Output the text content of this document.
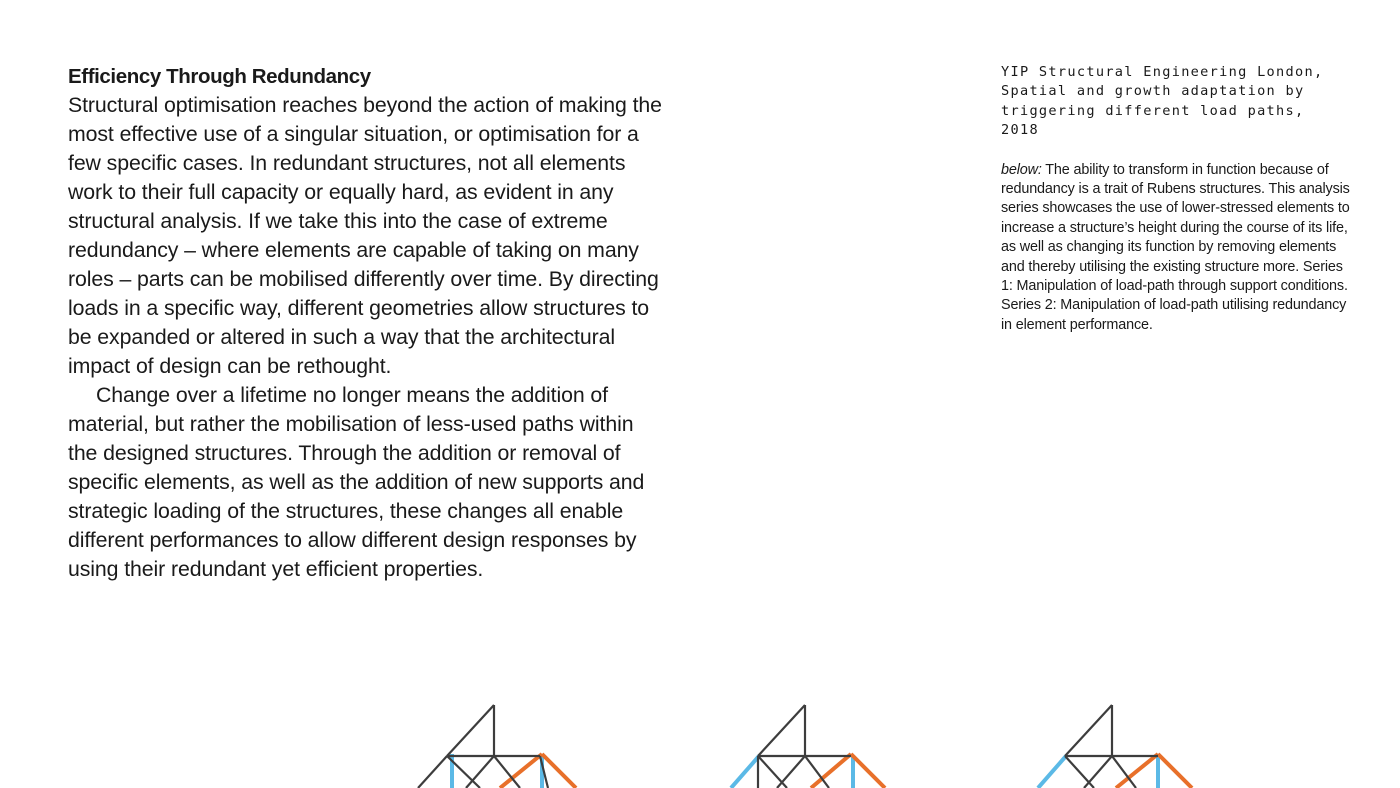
Efficiency Through Redundancy

Structural optimisation reaches beyond the action of making the most effective use of a singular situation, or optimisation for a few specific cases. In redundant structures, not all elements work to their full capacity or equally hard, as evident in any structural analysis. If we take this into the case of extreme redundancy – where elements are capable of taking on many roles – parts can be mobilised differently over time. By directing loads in a specific way, different geometries allow structures to be expanded or altered in such a way that the architectural impact of design can be rethought.

Change over a lifetime no longer means the addition of material, but rather the mobilisation of less-used paths within the designed structures. Through the addition or removal of specific elements, as well as the addition of new supports and strategic loading of the structures, these changes all enable different performances to allow different design responses by using their redundant yet efficient properties.

YIP Structural Engineering London, Spatial and growth adaptation by triggering different load paths, 2018

below: The ability to transform in function because of redundancy is a trait of Rubens structures. This analysis series showcases the use of lower-stressed elements to increase a structure’s height during the course of its life, as well as changing its function by removing elements and thereby utilising the existing structure more. Series 1: Manipulation of load-path through support conditions. Series 2: Manipulation of load-path utilising redundancy in element performance.
